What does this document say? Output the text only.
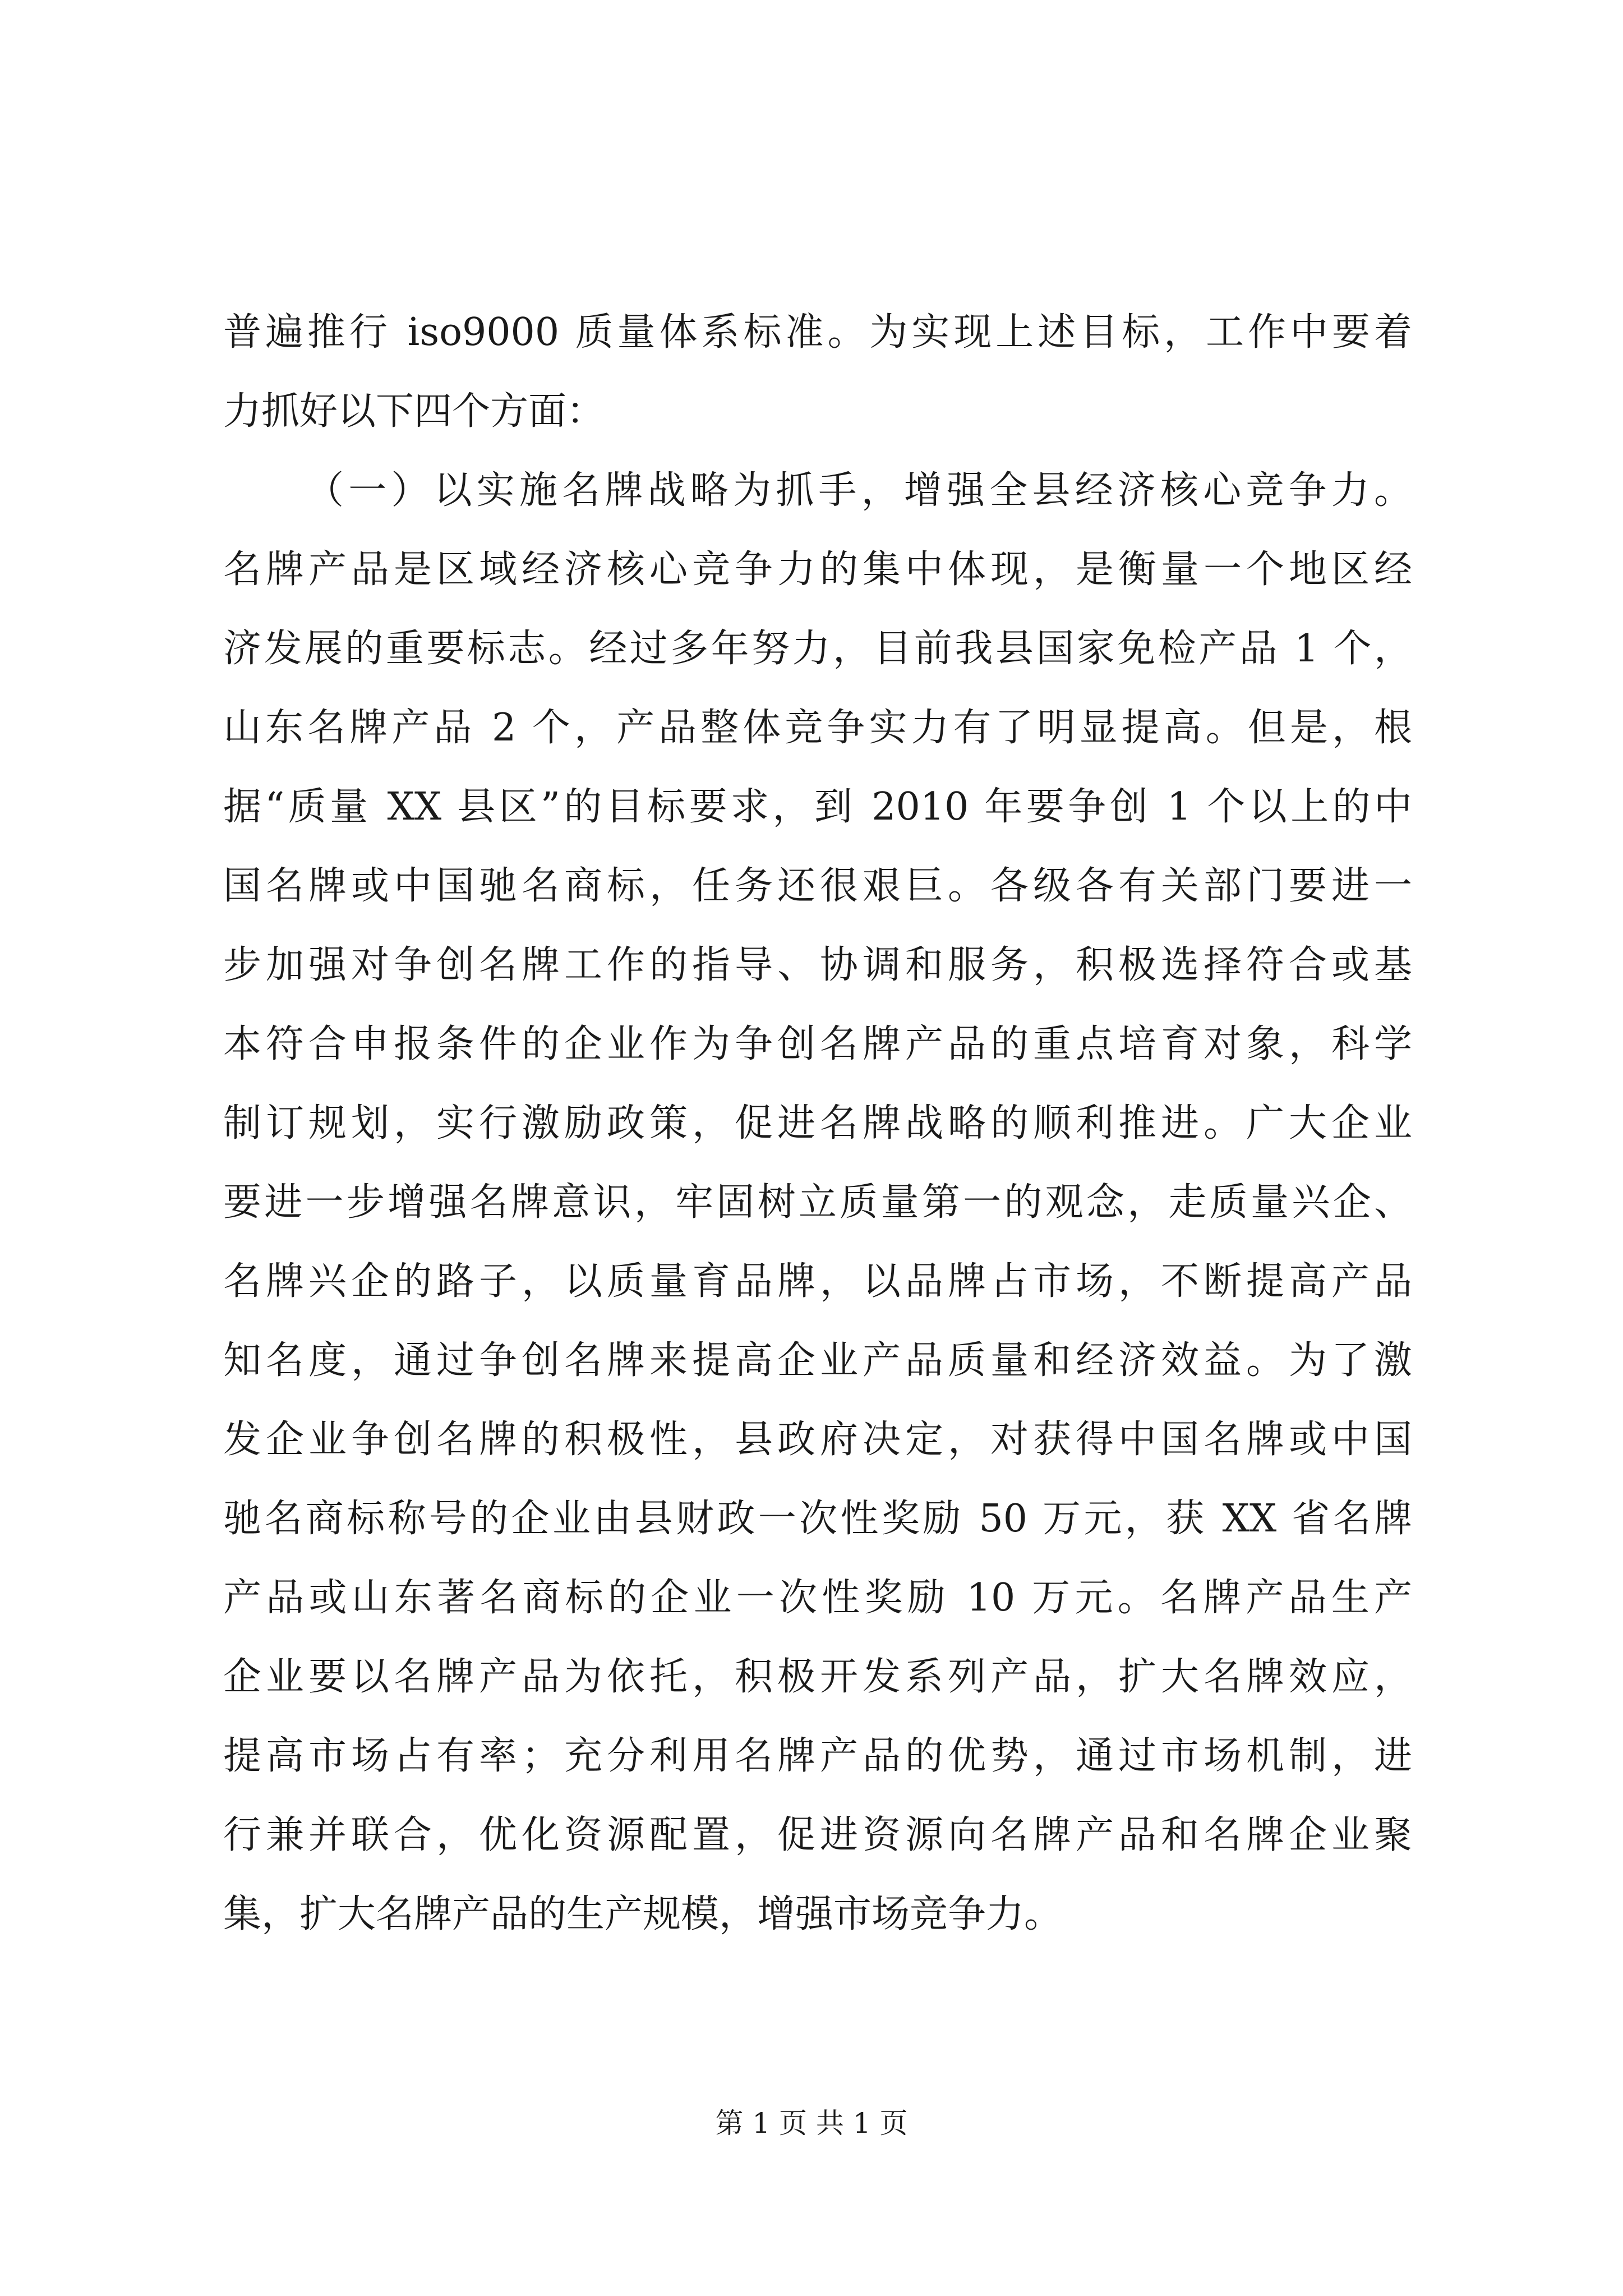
普遍推行 iso9000 质量体系标准。为实现上述目标，工作中要着
力抓好以下四个方面：
（一）以实施名牌战略为抓手，增强全县经济核心竞争力。
名牌产品是区域经济核心竞争力的集中体现，是衡量一个地区经
济发展的重要标志。经过多年努力，目前我县国家免检产品 1 个，
山东名牌产品 2 个，产品整体竞争实力有了明显提高。但是，根
据“质量 XX 县区”的目标要求，到 2010 年要争创 1 个以上的中
国名牌或中国驰名商标，任务还很艰巨。各级各有关部门要进一
步加强对争创名牌工作的指导、协调和服务，积极选择符合或基
本符合申报条件的企业作为争创名牌产品的重点培育对象，科学
制订规划，实行激励政策，促进名牌战略的顺利推进。广大企业
要进一步增强名牌意识，牢固树立质量第一的观念，走质量兴企、
名牌兴企的路子，以质量育品牌，以品牌占市场，不断提高产品
知名度，通过争创名牌来提高企业产品质量和经济效益。为了激
发企业争创名牌的积极性，县政府决定，对获得中国名牌或中国
驰名商标称号的企业由县财政一次性奖励 50 万元，获 XX 省名牌
产品或山东著名商标的企业一次性奖励 10 万元。名牌产品生产
企业要以名牌产品为依托，积极开发系列产品，扩大名牌效应，
提高市场占有率；充分利用名牌产品的优势，通过市场机制，进
行兼并联合，优化资源配置，促进资源向名牌产品和名牌企业聚
集，扩大名牌产品的生产规模，增强市场竞争力。
第 1 页 共 1 页
